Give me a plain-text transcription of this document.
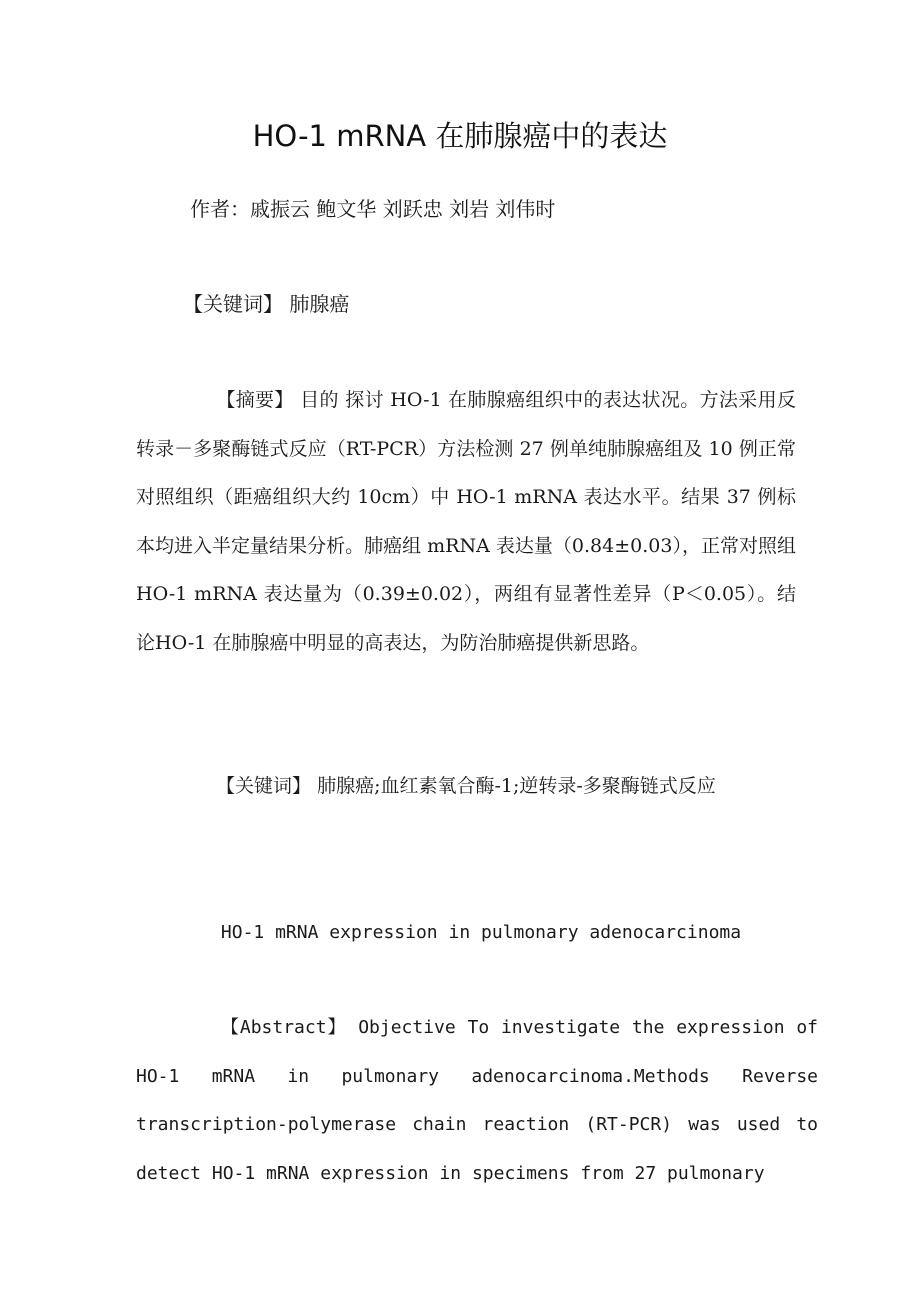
HO-1 mRNA 在肺腺癌中的表达

作者：戚振云 鲍文华 刘跃忠 刘岩 刘伟时

【关键词】 肺腺癌

【摘要】 目的 探讨 HO-1 在肺腺癌组织中的表达状况。方法采用反转录－多聚酶链式反应（RT-PCR）方法检测 27 例单纯肺腺癌组及 10 例正常对照组织（距癌组织大约 10cm）中 HO-1 mRNA 表达水平。结果 37 例标本均进入半定量结果分析。肺癌组 mRNA 表达量（0.84±0.03），正常对照组 HO-1 mRNA 表达量为（0.39±0.02），两组有显著性差异（P＜0.05）。结论HO-1 在肺腺癌中明显的高表达，为防治肺癌提供新思路。

【关键词】 肺腺癌;血红素氧合酶-1;逆转录-多聚酶链式反应

HO-1 mRNA expression in pulmonary adenocarcinoma

【Abstract】 Objective To investigate the expression of HO-1 mRNA in pulmonary adenocarcinoma.Methods Reverse transcription-polymerase chain reaction (RT-PCR) was used to detect HO-1 mRNA expression in specimens from 27 pulmonary
